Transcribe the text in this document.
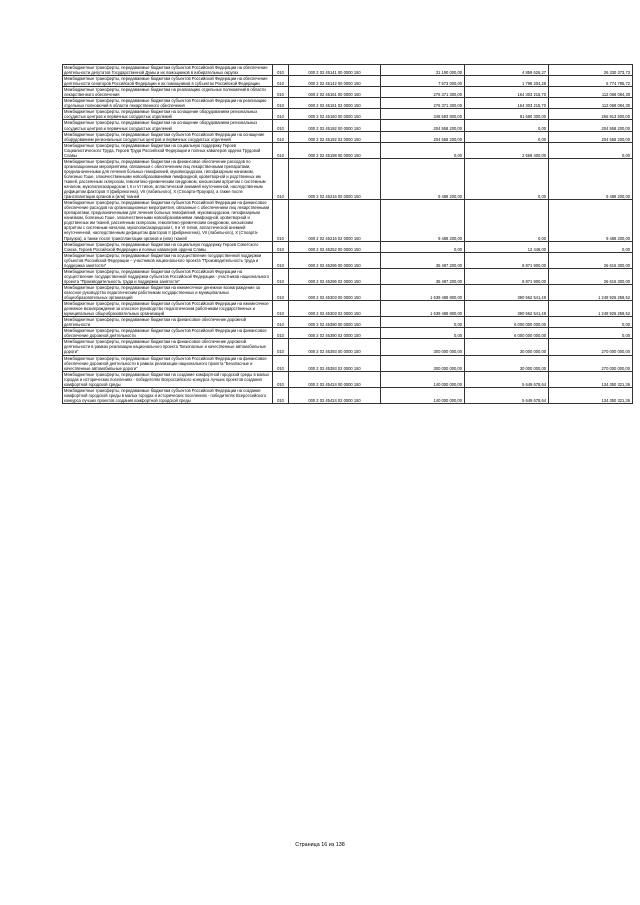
Межбюджетные трансферты, передаваемые бюджетам субъектов Российской Федерации на обеспечение деятельности депутатов Государственной Думы и их помощников в избирательных округах	010	000 2 02 45141 00 0000 150	31 190 000,00	4 859 626,27	26 330 373,73
Межбюджетные трансферты, передаваемые бюджетам субъектов Российской Федерации на обеспечение деятельности сенаторов Российской Федерации и их помощников в субъектах Российской Федерации	010	000 2 02 45142 00 0000 150	7 573 000,00	1 798 204,28	5 774 795,72
Межбюджетные трансферты, передаваемые бюджетам на реализацию отдельных полномочий в области лекарственного обеспечения	010	000 2 02 45161 00 0000 150	276 371 300,00	164 303 215,70	112 068 084,30
Межбюджетные трансферты, передаваемые бюджетам субъектов Российской Федерации на реализацию отдельных полномочий в области лекарственного обеспечения	010	000 2 02 45161 02 0000 150	276 371 300,00	164 303 215,70	112 068 084,30
Межбюджетные трансферты, передаваемые бюджетам на оснащение оборудованием региональных сосудистых центров и первичных сосудистых отделений	010	000 2 02 45160 00 0000 150	348 593 800,00	81 680 300,00	266 913 500,00
Межбюджетные трансферты, передаваемые бюджетам на оснащение оборудованием региональных сосудистых центров и первичных сосудистых отделений	010	000 2 02 45192 00 0000 150	204 558 200,00	0,00	204 558 200,00
Межбюджетные трансферты, передаваемые бюджетам субъектов Российской Федерации на оснащение оборудованием региональных сосудистых центров и первичных сосудистых отделений	010	000 2 02 45192 02 0000 150	204 558 200,00	0,00	204 558 200,00
Межбюджетные трансферты, передаваемые бюджетам на социальную поддержку Героев Социалистического Труда, Героев Труда Российской Федерации и полных кавалеров ордена Трудовой Славы	010	000 2 02 45198 00 0000 150	0,00	2 569 400,00	0,00
Межбюджетные трансферты, передаваемые бюджетам на финансовое обеспечение расходов по организационным мероприятиям, связанным с обеспечением лиц лекарственными препаратами, предназначенными для лечения больных гемофилией, муковисцидозом, гипофизарным нанизмом, болезнью Гоше, злокачественными новообразованиями лимфоидной, кроветворной и родственных им тканей, рассеянным склерозом, гемолитико-уремическим синдромом, юношеским артритом с системным началом, мукополисахаридозом I, II и VI типов, апластической анемией неуточненной, наследственным дефицитом факторов II (фибриногена), VII (лабильного), X (Стюарта-Прауэра), а также после трансплантации органов и (или) тканей	010	000 2 02 45216 00 0000 150	9 488 200,00	0,00	9 488 200,00
Межбюджетные трансферты, передаваемые бюджетам субъектов Российской Федерации на финансовое обеспечение расходов на организационные мероприятия, связанные с обеспечением лиц лекарственными препаратами, предназначенными для лечения больных гемофилией, муковисцидозом, гипофизарным нанизмом, болезнью Гоше, злокачественными новообразованиями лимфоидной, кроветворной и родственных им тканей, рассеянным склерозом, гемолитико-уремическим синдромом, юношеским артритом с системным началом, мукополисахаридозом I, II и VI типов, апластической анемией неуточненной, наследственным дефицитом факторов II (фибриногена), VII (лабильного), X (Стюарта-Прауэра), а также после трансплантации органов и (или) тканей	010	000 2 02 45216 02 0000 150	9 488 200,00	0,00	9 488 200,00
Межбюджетные трансферты, передаваемые бюджетам на социальную поддержку Героев Советского Союза, Героев Российской Федерации и полных кавалеров ордена Славы	010	000 2 02 45252 00 0000 150	0,00	12 448,00	0,00
Межбюджетные трансферты, передаваемые бюджетам на осуществление государственной поддержки субъектов Российской Федерации – участников национального проекта "Производительность труда и поддержка занятости"	010	000 2 02 45296 00 0000 150	35 487 200,00	8 871 900,00	26 615 300,00
Межбюджетные трансферты, передаваемые бюджетам субъектов Российской Федерации на осуществление государственной поддержки субъектов Российской Федерации - участников национального проекта "Производительность труда и поддержка занятости"	010	000 2 02 45296 02 0000 150	35 487 200,00	8 871 900,00	26 615 300,00
Межбюджетные трансферты, передаваемые бюджетам на ежемесячное денежное вознаграждение за классное руководство педагогическим работникам государственных и муниципальных общеобразовательных организаций	010	000 2 02 45303 00 0000 150	1 639 488 800,00	390 562 541,48	1 248 926 258,52
Межбюджетные трансферты, передаваемые бюджетам субъектов Российской Федерации на ежемесячное денежное вознаграждение за классное руководство педагогическим работникам государственных и муниципальных общеобразовательных организаций	010	000 2 02 45303 02 0000 150	1 639 488 800,00	390 562 541,48	1 248 926 258,52
Межбюджетные трансферты, передаваемые бюджетам на финансовое обеспечение дорожной деятельности	010	000 2 02 45390 00 0000 150	0,00	6 000 000 000,00	0,00
Межбюджетные трансферты, передаваемые бюджетам субъектов Российской Федерации на финансовое обеспечение дорожной деятельности	010	000 2 02 45390 02 0000 150	0,00	6 000 000 000,00	0,00
Межбюджетные трансферты, передаваемые бюджетам на финансовое обеспечение дорожной деятельности в рамках реализации национального проекта "Безопасные и качественные автомобильные дороги"	010	000 2 02 45393 00 0000 150	300 000 000,00	30 000 000,00	270 000 000,00
Межбюджетные трансферты, передаваемые бюджетам субъектов Российской Федерации на финансовое обеспечение дорожной деятельности в рамках реализации национального проекта "Безопасные и качественные автомобильные дороги"	010	000 2 02 45393 02 0000 150	300 000 000,00	30 000 000,00	270 000 000,00
Межбюджетные трансферты, передаваемые бюджетам на создание комфортной городской среды в малых городах и исторических поселениях - победителях Всероссийского конкурса лучших проектов создания комфортной городской среды	010	000 2 02 45424 00 0000 150	140 000 000,00	5 649 678,64	134 350 321,36
Межбюджетные трансферты, передаваемые бюджетам субъектов Российской Федерации на создание комфортной городской среды в малых городах и исторических поселениях - победителях Всероссийского конкурса лучших проектов создания комфортной городской среды	010	000 2 02 45424 02 0000 150	140 000 000,00	5 649 678,64	134 350 321,36
Страница 16 из 138
